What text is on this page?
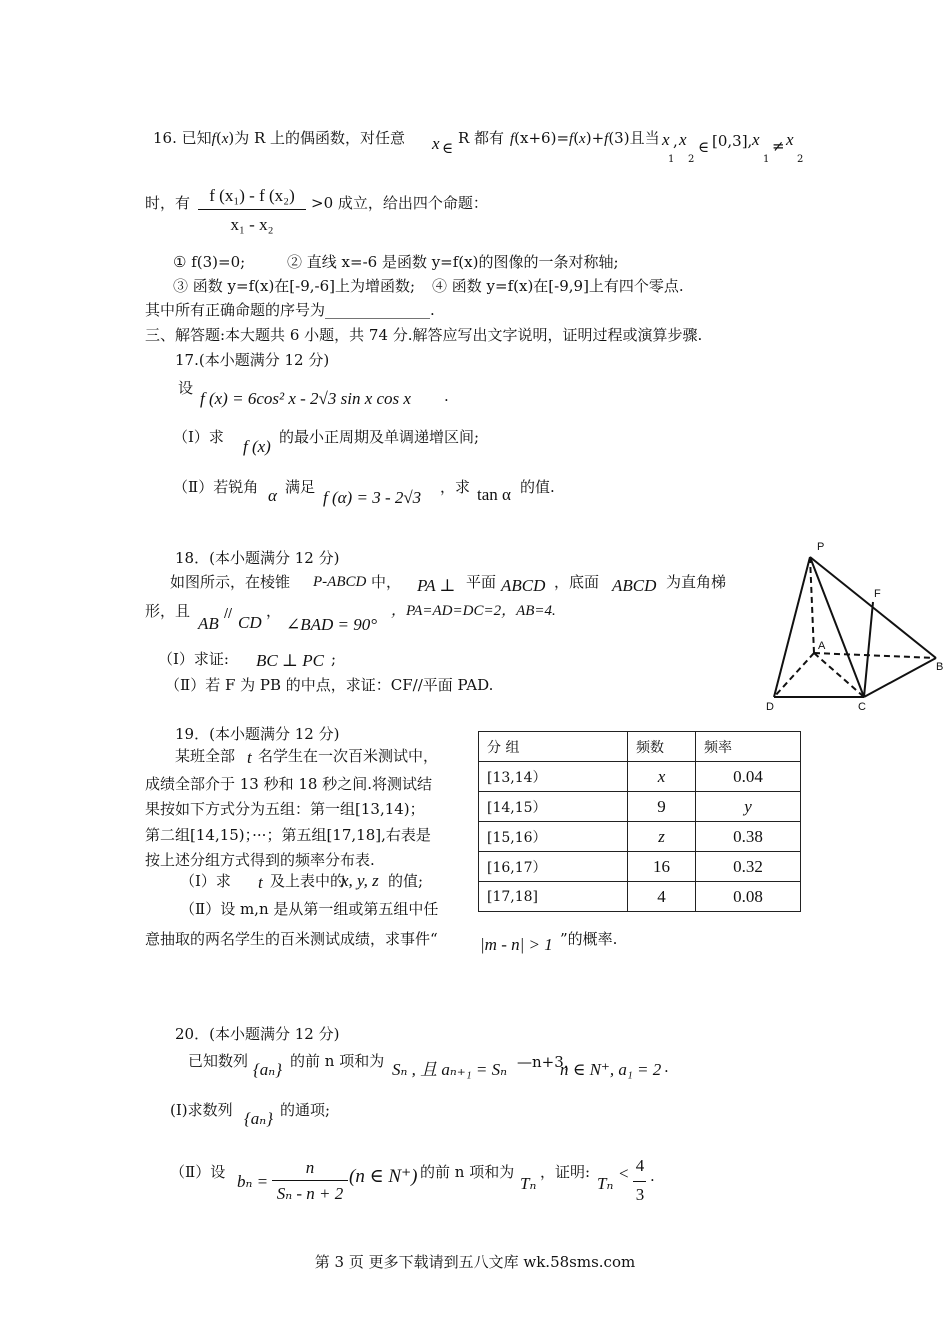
16. 已知f(x)为 R 上的偶函数，对任意 x ∈
R 都有 f(x+6)=f(x)+f(3)且当 x
1
, x
2
∈ [0,3], x
1
≠ x
2
时，有	f (x₁) - f (x₂)
x₁ - x₂
>0 成立，给出四个命题：
① f(3)=0;	② 直线 x=-6 是函数 y=f(x)的图像的一条对称轴;
③ 函数 y=f(x)在[-9,-6]上为增函数; ④ 函数 y=f(x)在[-9,9]上有四个零点.
其中所有正确命题的序号为______________.
三、解答题:本大题共 6 小题，共 74 分.解答应写出文字说明，证明过程或演算步骤.
17.(本小题满分 12 分)
设
f (x) = 6cos² x - 2√3 sin x cos x .
（Ⅰ）求 f (x) 的最小正周期及单调递增区间;
（Ⅱ）若锐角 α 满足
f (α) = 3 - 2√3
，求 tan α 的值.
18．(本小题满分 12 分)
如图所示，在棱锥 P-ABCD 中， PA ⊥ 平面 ABCD ，底面 ABCD 为直角梯
形，且
AB
// CD
，
∠BAD = 90°
，PA=AD=DC=2，AB=4.
（Ⅰ）求证: BC ⊥ PC ;
（Ⅱ）若 F 为 PB 的中点，求证：CF//平面 PAD.
P
F
A
B
C
D
19．(本小题满分 12 分)
某班全部 t 名学生在一次百米测试中，
成绩全部介于 13 秒和 18 秒之间.将测试结
果按如下方式分为五组：第一组[13,14)；
第二组[14,15)；···；第五组[17,18],右表是
按上述分组方式得到的频率分布表.
（Ⅰ）求 t 及上表中的
x, y, z 的值;
（Ⅱ）设 m,n 是从第一组或第五组中任
意抽取的两名学生的百米测试成绩，求事件“ |m - n| > 1 ”的概率.
分 组	频数	频率
[13,14）	x	0.04
[14,15）	9	y
[15,16）	z	0.38
[16,17）	16	0.32
[17,18]	4	0.08
20．(本小题满分 12 分)
已知数列 {aₙ} 的前 n 项和为 Sₙ , 且 aₙ₊₁ = Sₙ —n+3，
n ∈ N⁺, a₁ = 2 .
(I)求数列 {aₙ} 的通项;
（Ⅱ）设 bₙ =
n
Sₙ - n + 2
(n ∈ N⁺) 的前 n 项和为
Tₙ
，证明:
Tₙ
< 4
3
.
第 3 页 更多下载请到五八文库 wk.58sms.com
